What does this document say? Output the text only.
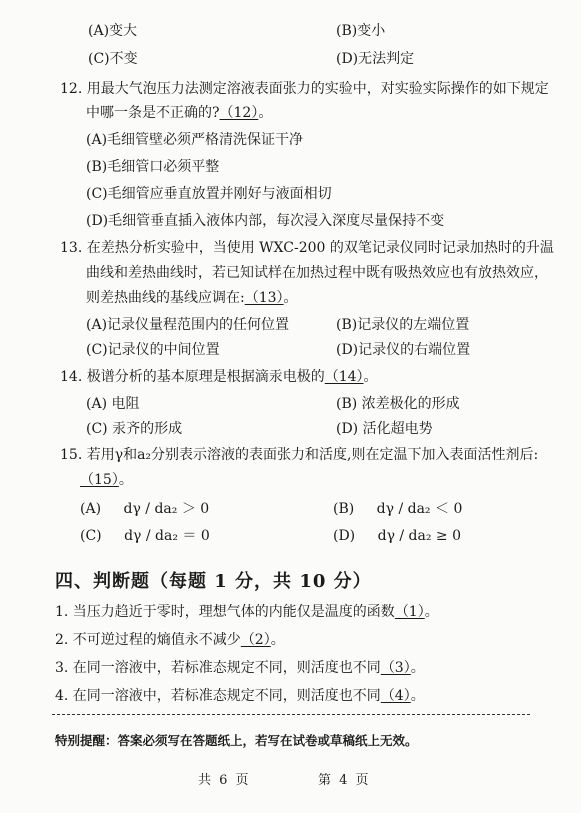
(A)变大	(B)变小
(C)不变	(D)无法判定
12. 用最大气泡压力法测定溶液表面张力的实验中，对实验实际操作的如下规定
中哪一条是不正确的?（12）。
(A)毛细管壁必须严格清洗保证干净
(B)毛细管口必须平整
(C)毛细管应垂直放置并刚好与液面相切
(D)毛细管垂直插入液体内部，每次浸入深度尽量保持不变
13. 在差热分析实验中，当使用 WXC-200 的双笔记录仪同时记录加热时的升温
曲线和差热曲线时，若已知试样在加热过程中既有吸热效应也有放热效应，
则差热曲线的基线应调在:（13）。
(A)记录仪量程范围内的任何位置	(B)记录仪的左端位置
(C)记录仪的中间位置	(D)记录仪的右端位置
14. 极谱分析的基本原理是根据滴汞电极的（14）。
(A) 电阻	(B) 浓差极化的形成
(C) 汞齐的形成	(D) 活化超电势
15. 若用γ和a₂分别表示溶液的表面张力和活度,则在定温下加入表面活性剂后:
（15）。
(A) dγ / da₂ ＞ 0	(B) dγ / da₂ ＜ 0
(C) dγ / da₂ ＝ 0	(D) dγ / da₂ ≥ 0
四、判断题（每题 1 分，共 10 分）
1. 当压力趋近于零时，理想气体的内能仅是温度的函数（1）。
2. 不可逆过程的熵值永不减少（2）。
3. 在同一溶液中，若标准态规定不同，则活度也不同（3）。
4. 在同一溶液中，若标准态规定不同，则活度也不同（4）。
特别提醒：答案必须写在答题纸上，若写在试卷或草稿纸上无效。
共 6 页	第 4 页
